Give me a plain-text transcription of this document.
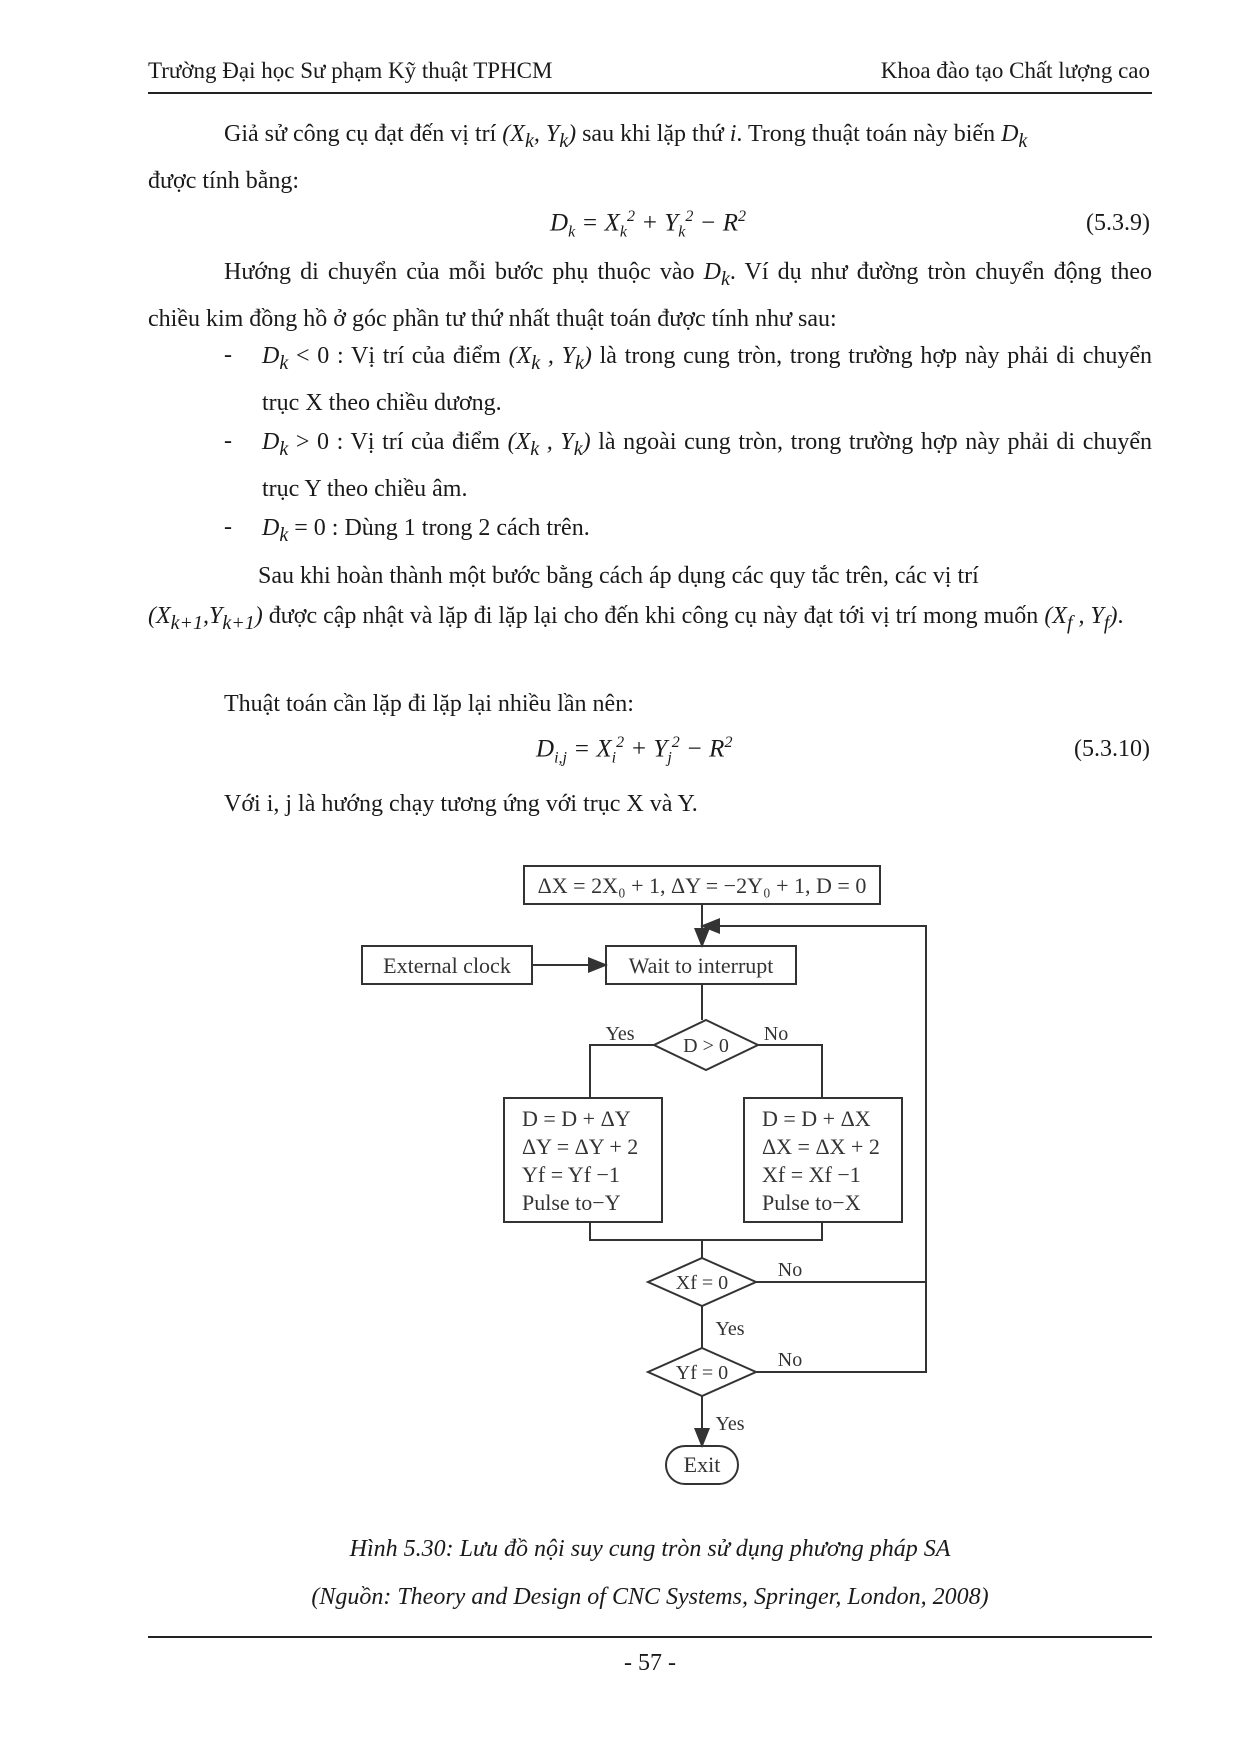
Trường Đại học Sư phạm Kỹ thuật TPHCM	Khoa đào tạo Chất lượng cao
Giả sử công cụ đạt đến vị trí ($X_k$, $Y_k$) sau khi lặp thứ i. Trong thuật toán này biến $D_k$
được tính bằng:
$D_k = X_k^2 + Y_k^2 - R^2$	(5.3.9)
Hướng di chuyển của mỗi bước phụ thuộc vào $D_k$. Ví dụ như đường tròn chuyển động theo chiều kim đồng hồ ở góc phần tư thứ nhất thuật toán được tính như sau:
- $D_k < 0$ : Vị trí của điểm ($X_k$ , $Y_k$) là trong cung tròn, trong trường hợp này phải di chuyển trục X theo chiều dương.
- $D_k > 0$ : Vị trí của điểm ($X_k$ , $Y_k$) là ngoài cung tròn, trong trường hợp này phải di chuyển trục Y theo chiều âm.
- $D_k = 0$ : Dùng 1 trong 2 cách trên.
Sau khi hoàn thành một bước bằng cách áp dụng các quy tắc trên, các vị trí
$(X_{k+1},Y_{k+1})$ được cập nhật và lặp đi lặp lại cho đến khi công cụ này đạt tới vị trí mong muốn ($X_f$ , $Y_f$).
Thuật toán cần lặp đi lặp lại nhiều lần nên:
$D_{i,j} = X_i^2 + Y_j^2 - R^2$	(5.3.10)
Với i, j là hướng chạy tương ứng với trục X và Y.
ΔX = 2X₀ + 1, ΔY = −2Y₀ + 1, D = 0
External clock	Wait to interrupt
D > 0
Yes	No
Xf = 0
No
Yes
Yf = 0
No
Yes
Exit
D = D + ΔY
ΔY = ΔY + 2
Yf = Yf −1
Pulse to−Y
D = D + ΔX
ΔX = ΔX + 2
Xf = Xf −1
Pulse to−X
Hình 5.30: Lưu đồ nội suy cung tròn sử dụng phương pháp SA
(Nguồn: Theory and Design of CNC Systems, Springer, London, 2008)
- 57 -
